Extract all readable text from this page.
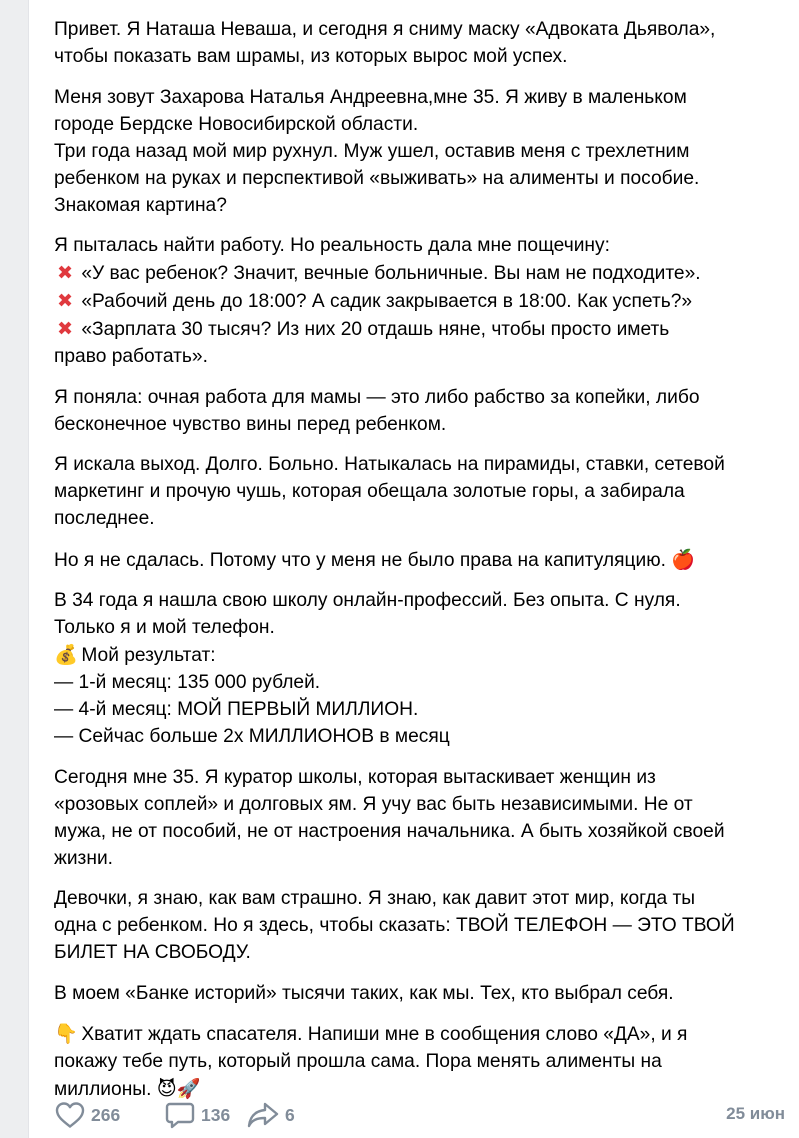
Привет. Я Наташа Неваша, и сегодня я сниму маску «Адвоката Дьявола»,
чтобы показать вам шрамы, из которых вырос мой успех.
Меня зовут Захарова Наталья Андреевна,мне 35. Я живу в маленьком
городе Бердске Новосибирской области.
Три года назад мой мир рухнул. Муж ушел, оставив меня с трехлетним
ребенком на руках и перспективой «выживать» на алименты и пособие.
Знакомая картина?
Я пыталась найти работу. Но реальность дала мне пощечину:
✖ «У вас ребенок? Значит, вечные больничные. Вы нам не подходите».
✖ «Рабочий день до 18:00? А садик закрывается в 18:00. Как успеть?»
✖ «Зарплата 30 тысяч? Из них 20 отдашь няне, чтобы просто иметь
право работать».
Я поняла: очная работа для мамы — это либо рабство за копейки, либо
бесконечное чувство вины перед ребенком.
Я искала выход. Долго. Больно. Натыкалась на пирамиды, ставки, сетевой
маркетинг и прочую чушь, которая обещала золотые горы, а забирала
последнее.
Но я не сдалась. Потому что у меня не было права на капитуляцию. 🍎
В 34 года я нашла свою школу онлайн-профессий. Без опыта. С нуля.
Только я и мой телефон.
💰 Мой результат:
— 1-й месяц: 135 000 рублей.
— 4-й месяц: МОЙ ПЕРВЫЙ МИЛЛИОН.
— Сейчас больше 2х МИЛЛИОНОВ в месяц
Сегодня мне 35. Я куратор школы, которая вытаскивает женщин из
«розовых соплей» и долговых ям. Я учу вас быть независимыми. Не от
мужа, не от пособий, не от настроения начальника. А быть хозяйкой своей
жизни.
Девочки, я знаю, как вам страшно. Я знаю, как давит этот мир, когда ты
одна с ребенком. Но я здесь, чтобы сказать: ТВОЙ ТЕЛЕФОН — ЭТО ТВОЙ
БИЛЕТ НА СВОБОДУ.
В моем «Банке историй» тысячи таких, как мы. Тех, кто выбрал себя.
👇 Хватит ждать спасателя. Напиши мне в сообщения слово «ДА», и я
покажу тебе путь, который прошла сама. Пора менять алименты на
миллионы. 😈🚀
266	136	6	25 июн
